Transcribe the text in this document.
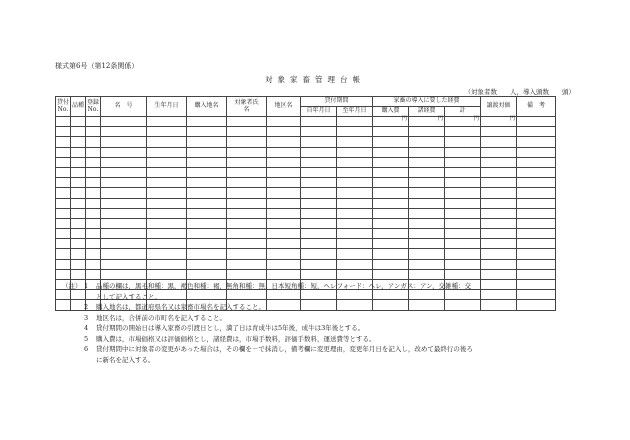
様式第6号（第12条関係）
対象家畜管理台帳
（対象者数　　人，導入頭数　　頭）
貸付No.	品種	登録No.	名　号	生年月日	購入地名	対象者氏　　名	地区名	貸付期間		家畜の導入に要した経費			譲渡対価	備　考
								自年月日	至年月日	購入費	諸経費	計		
										円	円	円	円	

（注） 1	品種の欄は，黒毛和種：黒，褐色和種：褐，無角和種：無，日本短角種：短，ヘレフォード：ヘレ，アンガス：アン，交雑種：交
として記入すること。
2	購入地名は，都道府県名又は家畜市場名を記入すること。
3	地区名は，合併前の市町名を記入すること。
4	貸付期間の開始日は導入家畜の引渡日とし，満了日は育成牛は5年後，成牛は3年後とする。
5	購入費は，市場価格又は評価価格とし，諸経費は，市場手数料，評価手数料，運送費等とする。
6	貸付期間中に対象者の変更があった場合は，その欄を－で抹消し，備考欄に変更理由，変更年月日を記入し，改めて最終行の後ろ
に新名を記入する。
